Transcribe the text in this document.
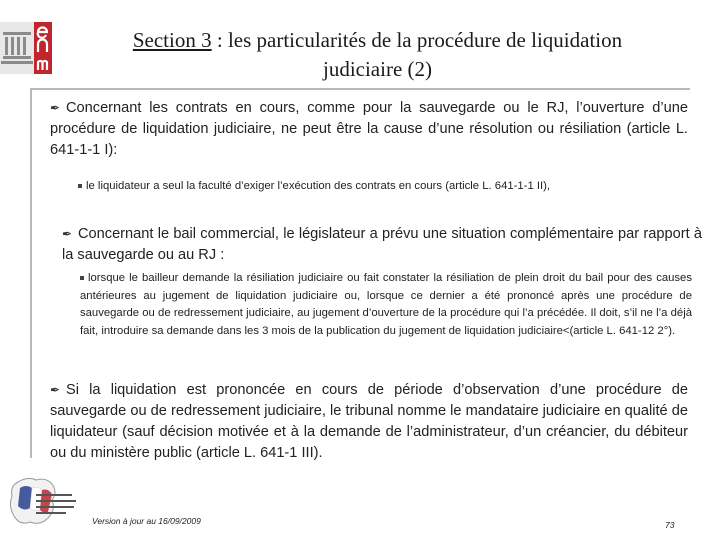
Section 3 : les particularités de la procédure de liquidation
judiciaire (2)
✒ Concernant les contrats en cours, comme pour la sauvegarde ou le RJ, l’ouverture d’une procédure de liquidation judiciaire, ne peut être la cause d’une résolution ou résiliation (article L. 641-1-1 I):
le liquidateur a seul la faculté d’exiger l’exécution des contrats en cours (article L. 641-1-1 II),
✒ Concernant le bail commercial, le législateur a prévu une situation complémentaire par rapport à la sauvegarde ou au RJ :
lorsque le bailleur demande la résiliation judiciaire ou fait constater la résiliation de plein droit du bail pour des causes antérieures au jugement de liquidation judiciaire ou, lorsque ce dernier a été prononcé après une procédure de sauvegarde ou de redressement judiciaire, au jugement d’ouverture de la procédure qui l’a précédée. Il doit, s’il ne l’a déjà fait, introduire sa demande dans les 3 mois de la publication du jugement de liquidation judiciaire<(article L. 641-12 2°).
✒ Si la liquidation est prononcée en cours de période d’observation d’une procédure de sauvegarde ou de redressement judiciaire, le tribunal nomme le mandataire judiciaire en qualité de liquidateur (sauf décision motivée et à la demande de l’administrateur, d’un créancier, du débiteur ou du ministère public (article L. 641-1 III).
Version à jour au 16/09/2009	73
